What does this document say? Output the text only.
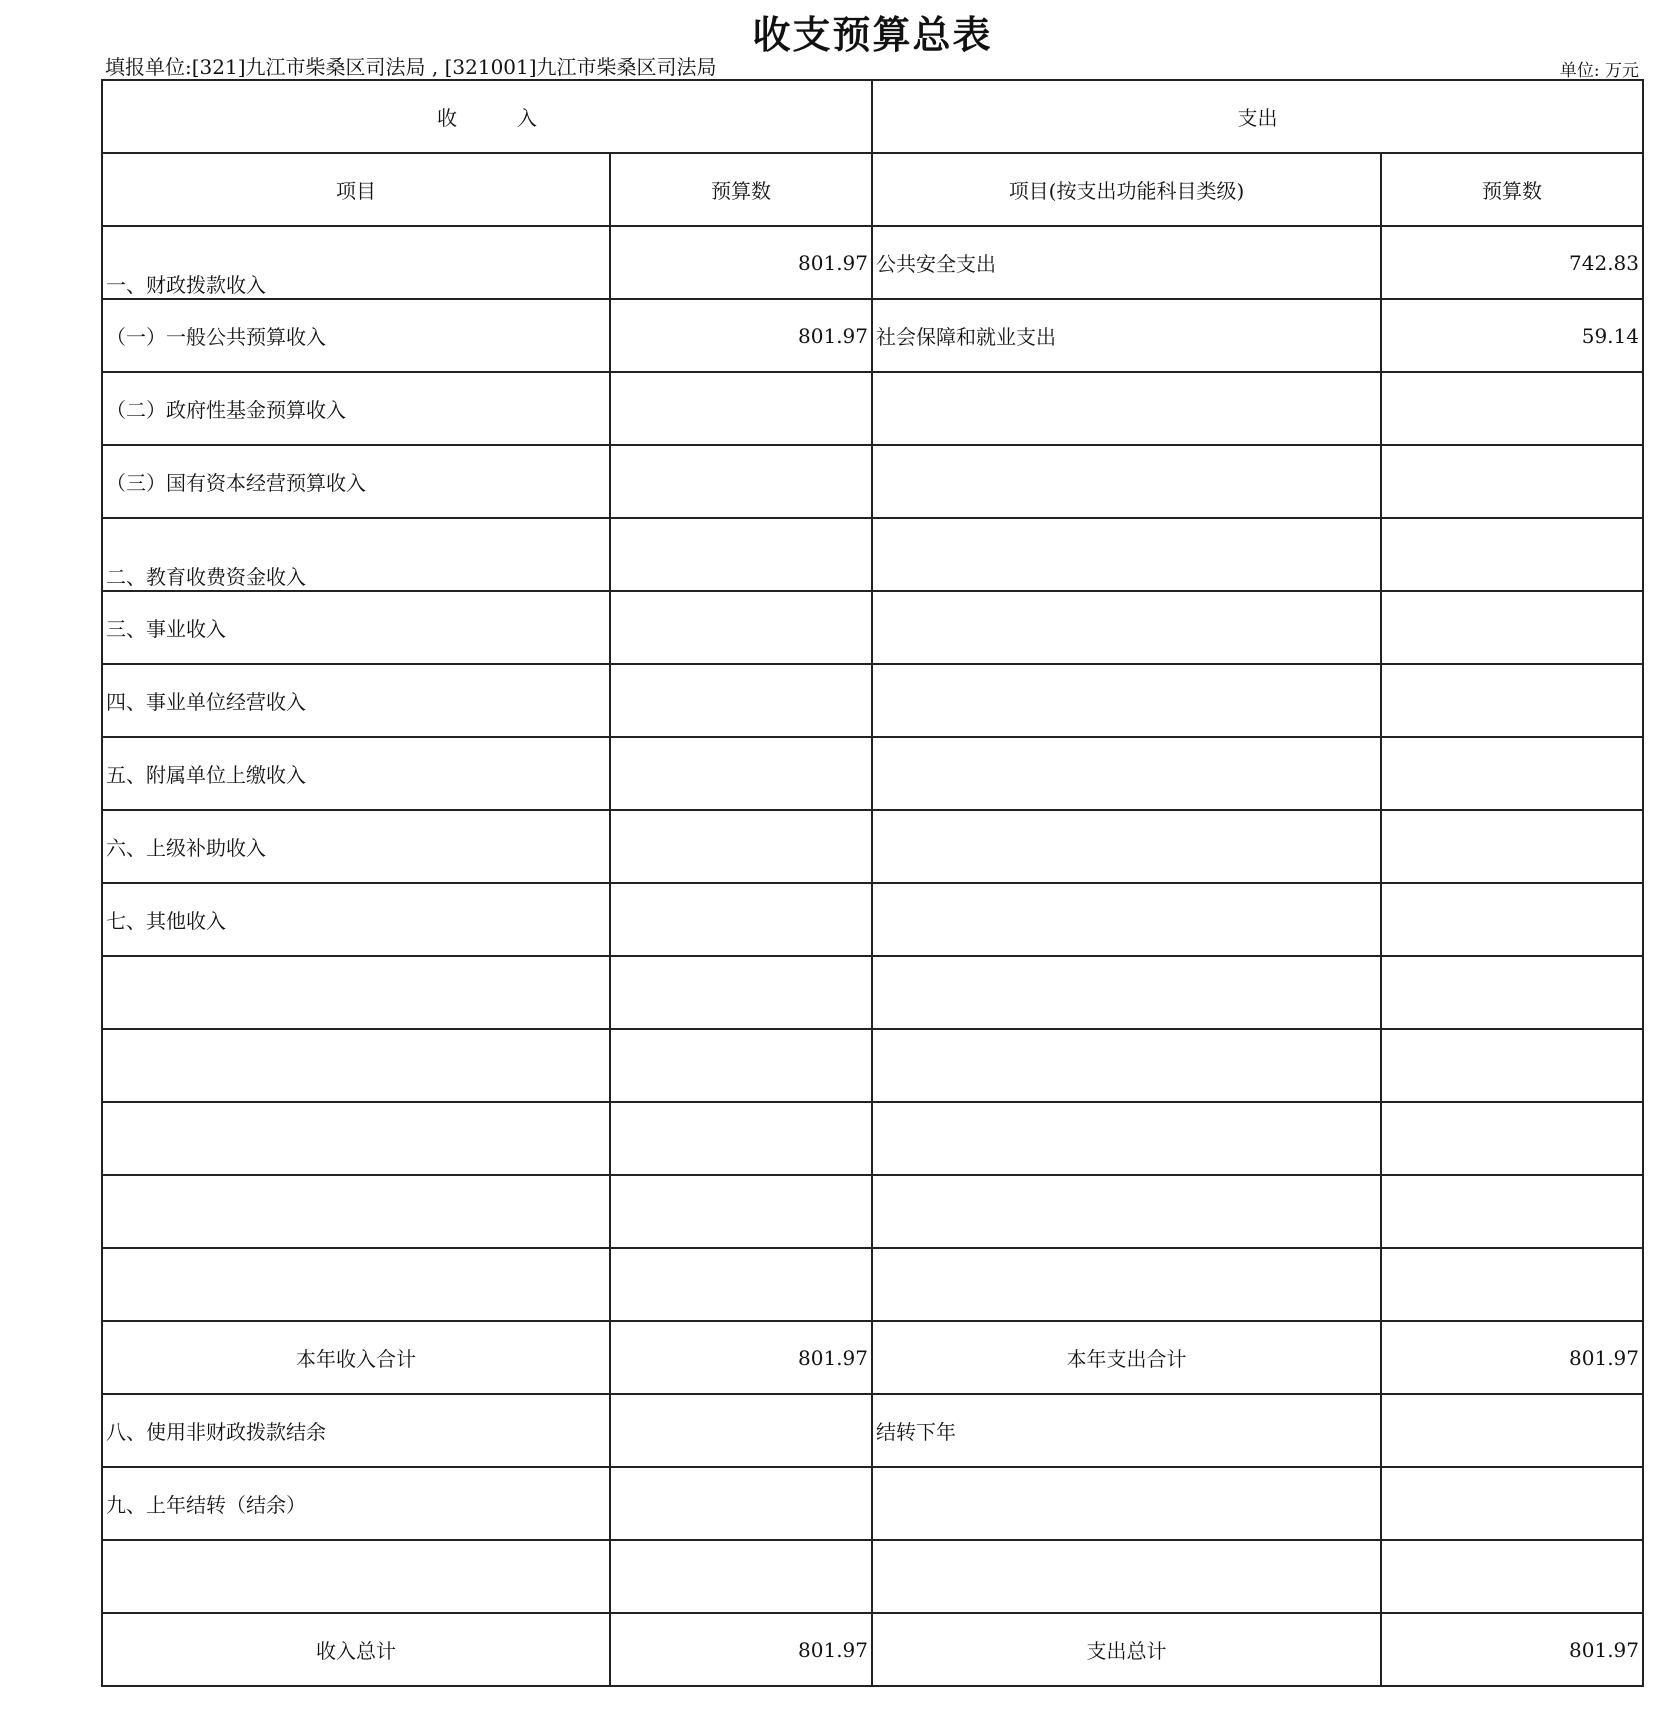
收支预算总表
填报单位:[321]九江市柴桑区司法局 , [321001]九江市柴桑区司法局	单位: 万元
收入		支出	
项目	预算数	项目(按支出功能科目类级)	预算数
一、财政拨款收入	801.97	公共安全支出	742.83
（一）一般公共预算收入	801.97	社会保障和就业支出	59.14
（二）政府性基金预算收入			
（三）国有资本经营预算收入			
二、教育收费资金收入			
三、事业收入			
四、事业单位经营收入			
五、附属单位上缴收入			
六、上级补助收入			
七、其他收入			

本年收入合计	801.97	本年支出合计	801.97
八、使用非财政拨款结余		结转下年	
九、上年结转（结余）			

收入总计	801.97	支出总计	801.97
